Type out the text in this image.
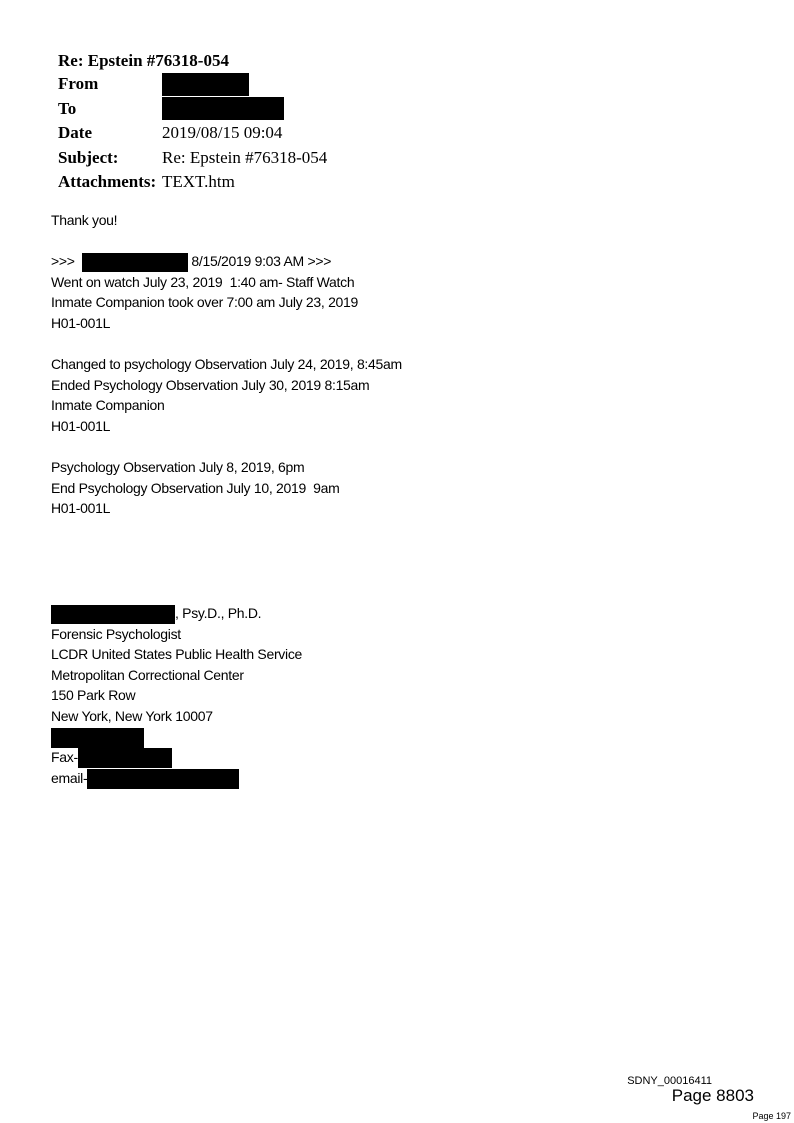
Re: Epstein #76318-054
From
To
Date	2019/08/15 09:04
Subject:	Re: Epstein #76318-054
Attachments: TEXT.htm
Thank you!
>>>	8/15/2019 9:03 AM >>>
Went on watch July 23, 2019  1:40 am- Staff Watch
Inmate Companion took over 7:00 am July 23, 2019
H01-001L
Changed to psychology Observation July 24, 2019, 8:45am
Ended Psychology Observation July 30, 2019 8:15am
Inmate Companion
H01-001L
Psychology Observation July 8, 2019, 6pm
End Psychology Observation July 10, 2019  9am
H01-001L
, Psy.D., Ph.D.
Forensic Psychologist
LCDR United States Public Health Service
Metropolitan Correctional Center
150 Park Row
New York, New York 10007
Fax-
email-
SDNY_00016411
Page 8803
Page 197
